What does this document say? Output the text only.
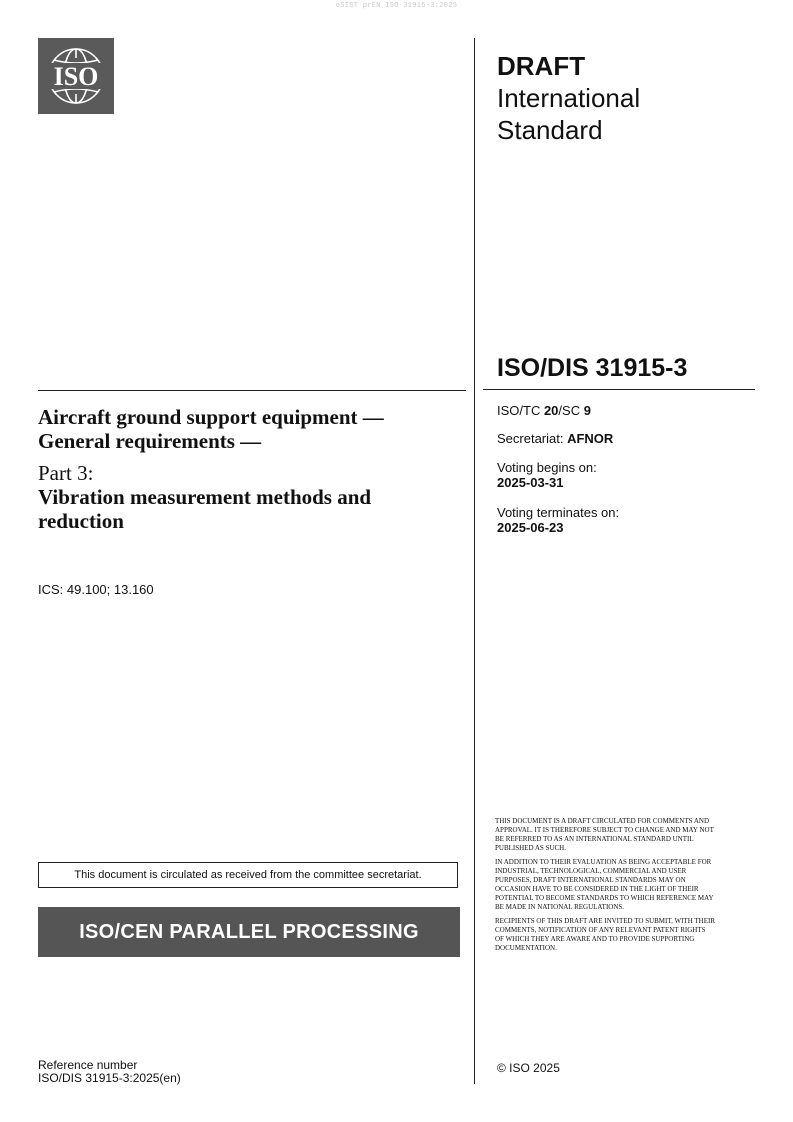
oSIST prEN ISO 31915-3:2025
ISO	DRAFT
International
Standard
ISO/DIS 31915-3
ISO/TC 20/SC 9
Secretariat: AFNOR
Voting begins on:
2025-03-31
Voting terminates on:
2025-06-23
Aircraft ground support equipment — General requirements —
Part 3:
Vibration measurement methods and reduction
ICS: 49.100; 13.160
This document is circulated as received from the committee secretariat.
ISO/CEN PARALLEL PROCESSING

THIS DOCUMENT IS A DRAFT CIRCULATED FOR COMMENTS AND APPROVAL. IT IS THEREFORE SUBJECT TO CHANGE AND MAY NOT BE REFERRED TO AS AN INTERNATIONAL STANDARD UNTIL PUBLISHED AS SUCH.

IN ADDITION TO THEIR EVALUATION AS BEING ACCEPTABLE FOR INDUSTRIAL, TECHNOLOGICAL, COMMERCIAL AND USER PURPOSES, DRAFT INTERNATIONAL STANDARDS MAY ON OCCASION HAVE TO BE CONSIDERED IN THE LIGHT OF THEIR POTENTIAL TO BECOME STANDARDS TO WHICH REFERENCE MAY BE MADE IN NATIONAL REGULATIONS.

RECIPIENTS OF THIS DRAFT ARE INVITED TO SUBMIT, WITH THEIR COMMENTS, NOTIFICATION OF ANY RELEVANT PATENT RIGHTS OF WHICH THEY ARE AWARE AND TO PROVIDE SUPPORTING DOCUMENTATION.

© ISO 2025
Reference number
ISO/DIS 31915-3:2025(en)
